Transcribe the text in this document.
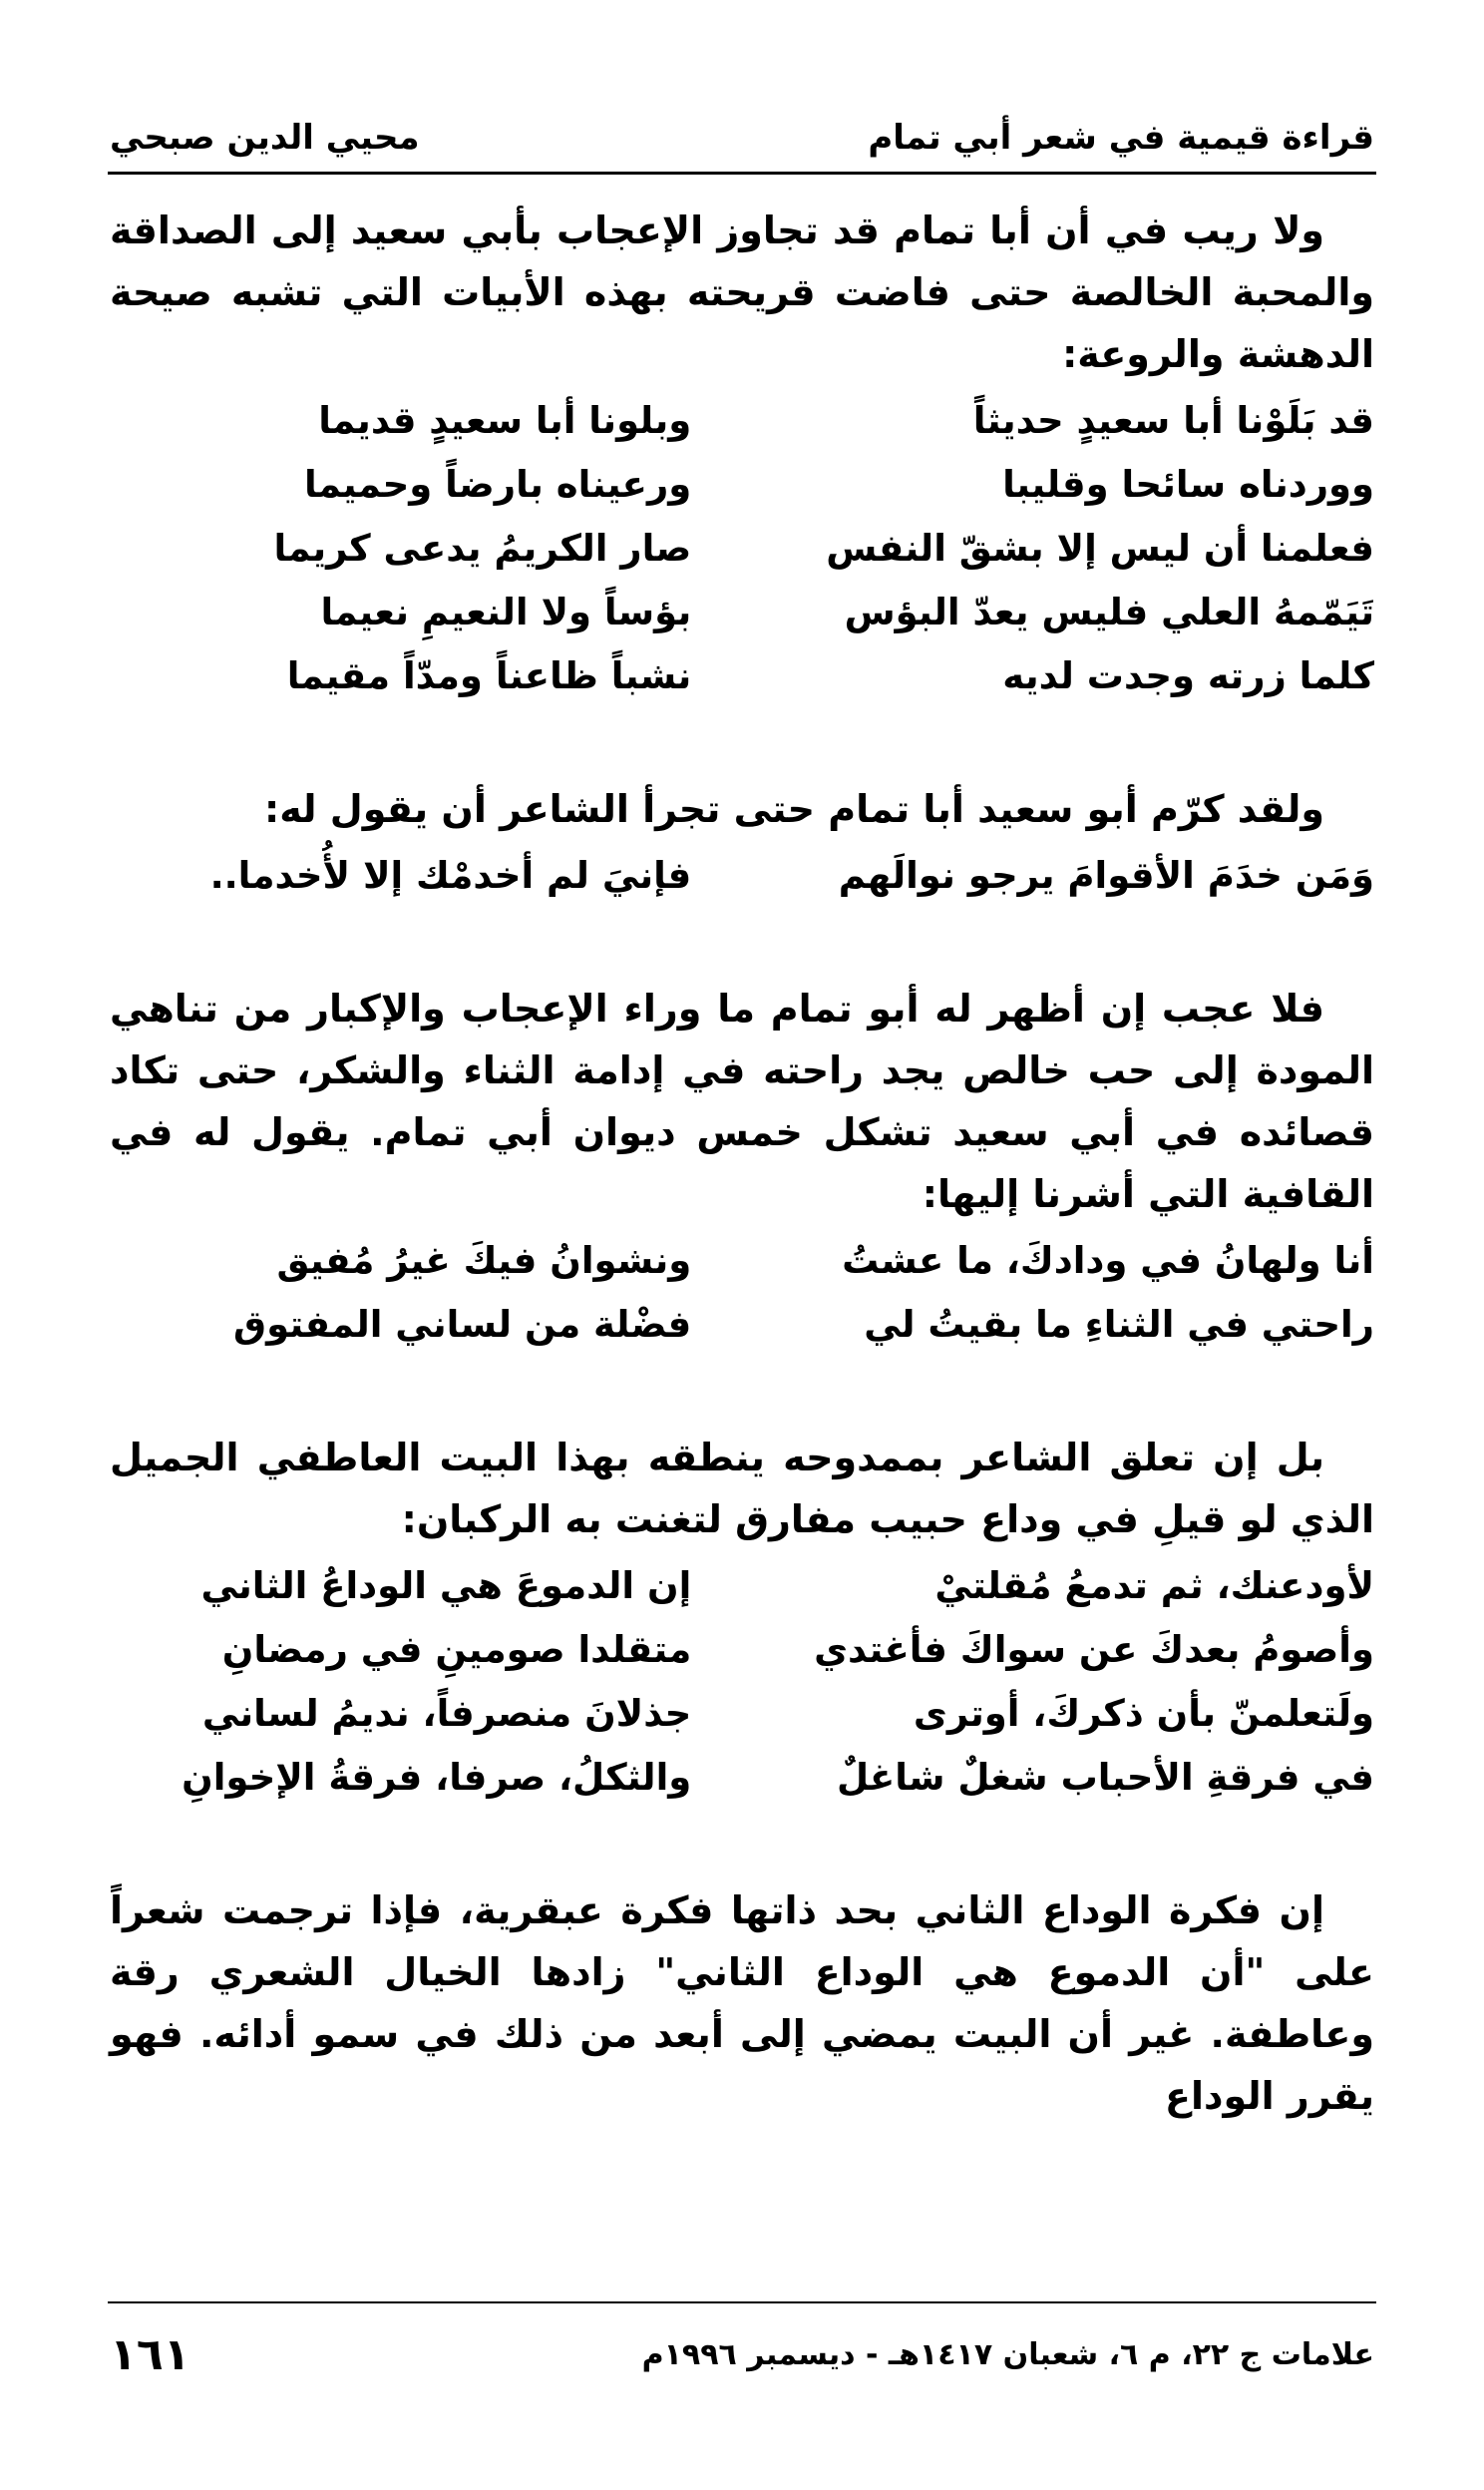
محيي الدين صبحي	قراءة قيمية في شعر أبي تمام

ولا ريب في أن أبا تمام قد تجاوز الإعجاب بأبي سعيد إلى الصداقة والمحبة الخالصة حتى فاضت قريحته بهذه الأبيات التي تشبه صيحة الدهشة والروعة:

قد بَلَوْنا أبا سعيدٍ حديثاً
وبلونا أبا سعيدٍ قديما
ووردناه سائحا وقليبا
ورعيناه بارضاً وحميما
فعلمنا أن ليس إلا بشقّ النفس
صار الكريمُ يدعى كريما
تَيَمّمهُ العلي فليس يعدّ البؤس
بؤساً ولا النعيمِ نعيما
كلما زرته وجدت لديه
نشباً ظاعناً ومدّاً مقيما

ولقد كرّم أبو سعيد أبا تمام حتى تجرأ الشاعر أن يقول له:

وَمَن خدَمَ الأقوامَ يرجو نوالَهم
فإنيَ لم أخدمْك إلا لأُخدما..

فلا عجب إن أظهر له أبو تمام ما وراء الإعجاب والإكبار من تناهي المودة إلى حب خالص يجد راحته في إدامة الثناء والشكر، حتى تكاد قصائده في أبي سعيد تشكل خمس ديوان أبي تمام. يقول له في القافية التي أشرنا إليها:

أنا ولهانُ في ودادكَ، ما عشتُ
ونشوانُ فيكَ غيرُ مُفيق
راحتي في الثناءِ ما بقيتُ لي
فضْلة من لساني المفتوق

بل إن تعلق الشاعر بممدوحه ينطقه بهذا البيت العاطفي الجميل الذي لو قيلِ في وداع حبيب مفارق لتغنت به الركبان:

لأودعنك، ثم تدمعُ مُقلتيْ
إن الدموعَ هي الوداعُ الثاني
وأصومُ بعدكَ عن سواكَ فأغتدي
متقلدا صومينِ في رمضانِ
ولَتعلمنّ بأن ذكركَ، أوترى
جذلانَ منصرفاً، نديمُ لساني
في فرقةِ الأحباب شغلٌ شاغلٌ
والثكلُ، صرفا، فرقةُ الإخوانِ

إن فكرة الوداع الثاني بحد ذاتها فكرة عبقرية، فإذا ترجمت شعراً على "أن الدموع هي الوداع الثاني" زادها الخيال الشعري رقة وعاطفة. غير أن البيت يمضي إلى أبعد من ذلك في سمو أدائه. فهو يقرر الوداع

١٦١	علامات ج ٢٢، م ٦، شعبان ١٤١٧هـ - ديسمبر ١٩٩٦م
